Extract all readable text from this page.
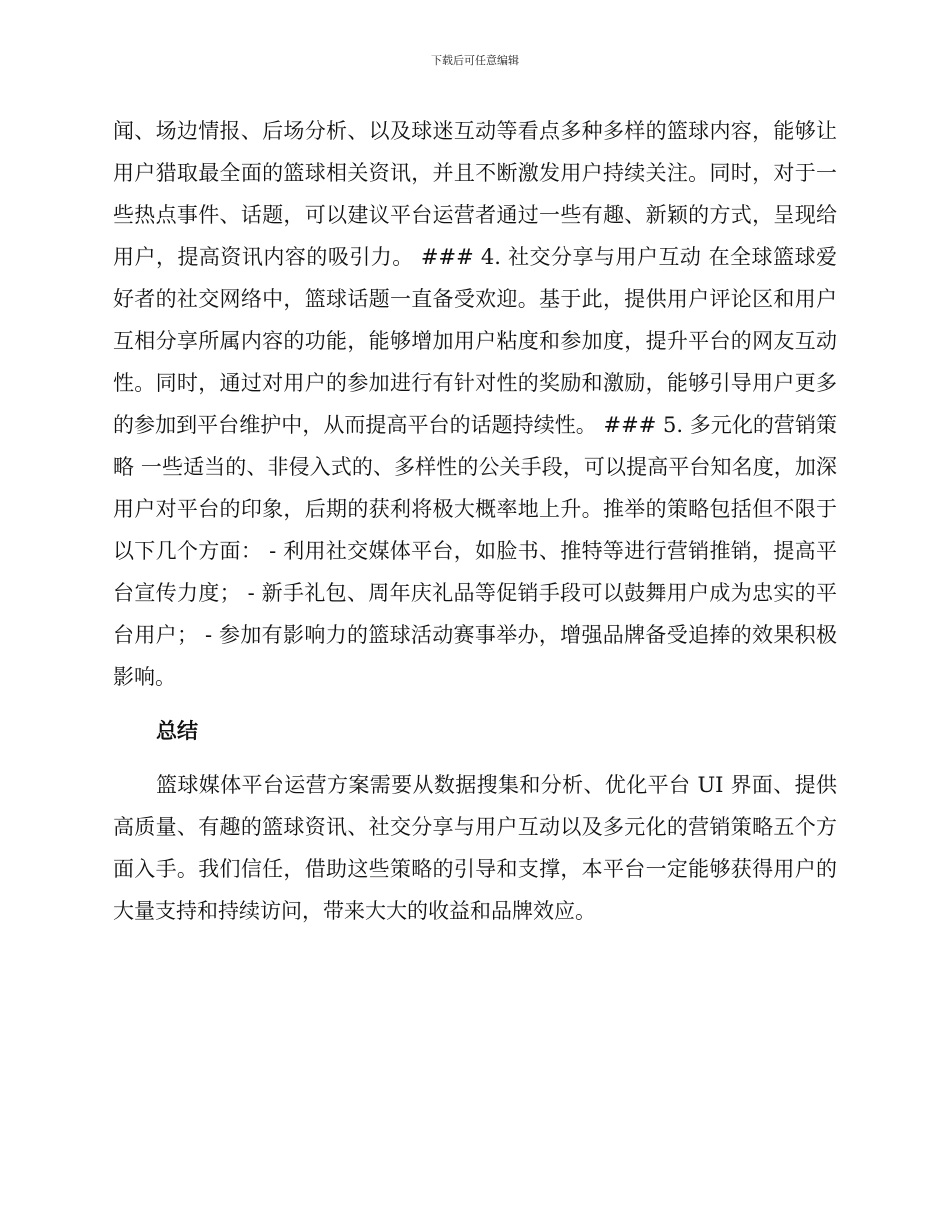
下载后可任意编辑

闻、场边情报、后场分析、以及球迷互动等看点多种多样的篮球内容，能够让用户猎取最全面的篮球相关资讯，并且不断激发用户持续关注。同时，对于一些热点事件、话题，可以建议平台运营者通过一些有趣、新颖的方式，呈现给用户，提高资讯内容的吸引力。 ### 4. 社交分享与用户互动 在全球篮球爱好者的社交网络中，篮球话题一直备受欢迎。基于此，提供用户评论区和用户互相分享所属内容的功能，能够增加用户粘度和参加度，提升平台的网友互动性。同时，通过对用户的参加进行有针对性的奖励和激励，能够引导用户更多的参加到平台维护中，从而提高平台的话题持续性。 ### 5. 多元化的营销策略 一些适当的、非侵入式的、多样性的公关手段，可以提高平台知名度，加深用户对平台的印象，后期的获利将极大概率地上升。推举的策略包括但不限于以下几个方面： - 利用社交媒体平台，如脸书、推特等进行营销推销，提高平台宣传力度； - 新手礼包、周年庆礼品等促销手段可以鼓舞用户成为忠实的平台用户； - 参加有影响力的篮球活动赛事举办，增强品牌备受追捧的效果积极影响。

总结

篮球媒体平台运营方案需要从数据搜集和分析、优化平台 UI 界面、提供高质量、有趣的篮球资讯、社交分享与用户互动以及多元化的营销策略五个方面入手。我们信任，借助这些策略的引导和支撑，本平台一定能够获得用户的大量支持和持续访问，带来大大的收益和品牌效应。
